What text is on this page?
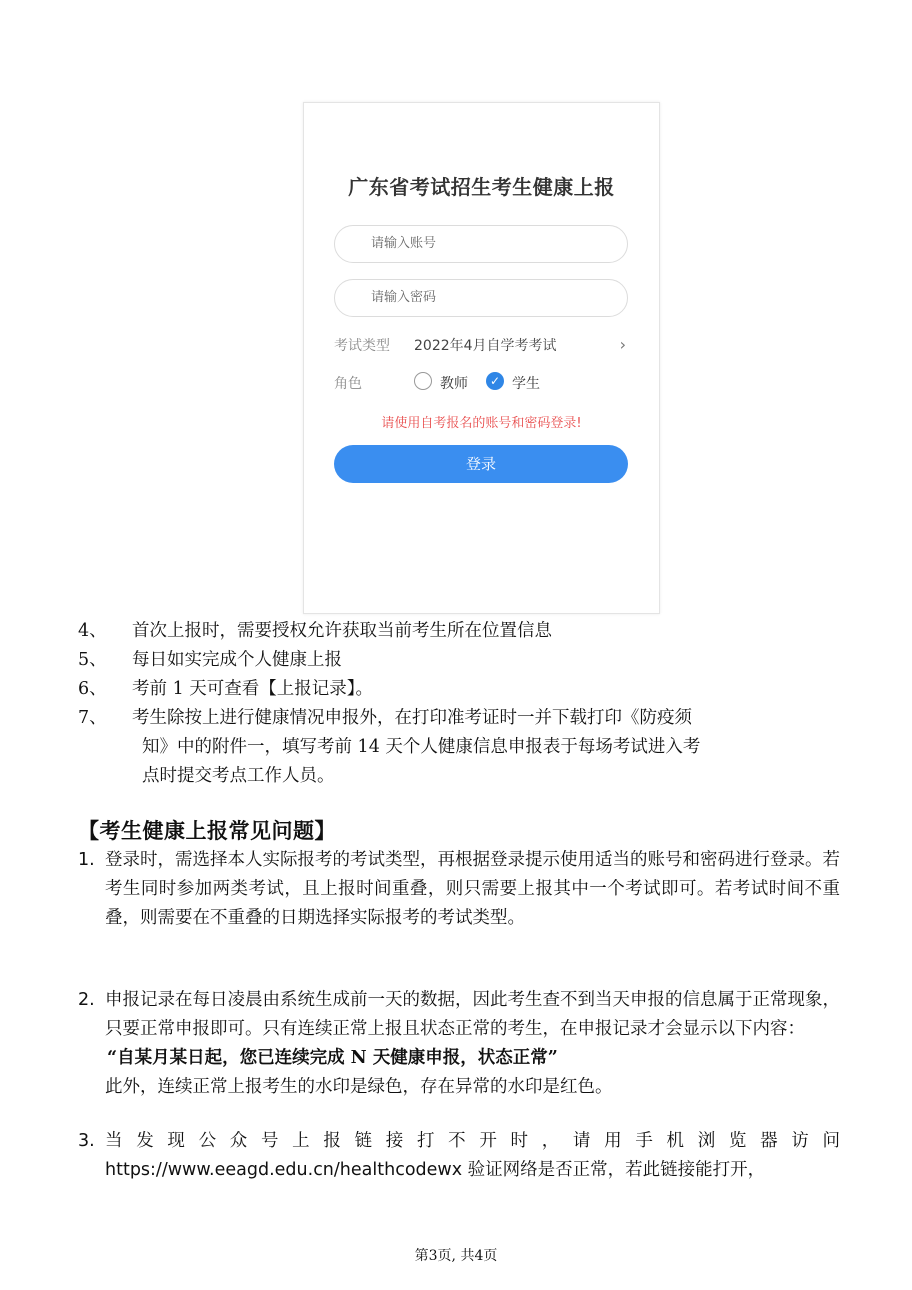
广东省考试招生考生健康上报
请输入账号
请输入密码
考试类型 2022年4月自学考考试	›
角色	教师	✓ 学生
请使用自考报名的账号和密码登录!
登录
4、	首次上报时，需要授权允许获取当前考生所在位置信息
5、	每日如实完成个人健康上报
6、	考前 1 天可查看【上报记录】。
7、	考生除按上进行健康情况申报外，在打印准考证时一并下载打印《防疫须
知》中的附件一，填写考前 14 天个人健康信息申报表于每场考试进入考
点时提交考点工作人员。
【考生健康上报常见问题】
1. 登录时，需选择本人实际报考的考试类型，再根据登录提示使用适当的账号和密码进行登录。若考生同时参加两类考试，且上报时间重叠，则只需要上报其中一个考试即可。若考试时间不重叠，则需要在不重叠的日期选择实际报考的考试类型。
2. 申报记录在每日凌晨由系统生成前一天的数据，因此考生查不到当天申报的信息属于正常现象，只要正常申报即可。只有连续正常上报且状态正常的考生，在申报记录才会显示以下内容：
“自某月某日起，您已连续完成 N 天健康申报，状态正常”
此外，连续正常上报考生的水印是绿色，存在异常的水印是红色。
3. 当发现公众号上报链接打不开时，请用手机浏览器访问 https://www.eeagd.edu.cn/healthcodewx 验证网络是否正常，若此链接能打开，
第3页, 共4页
